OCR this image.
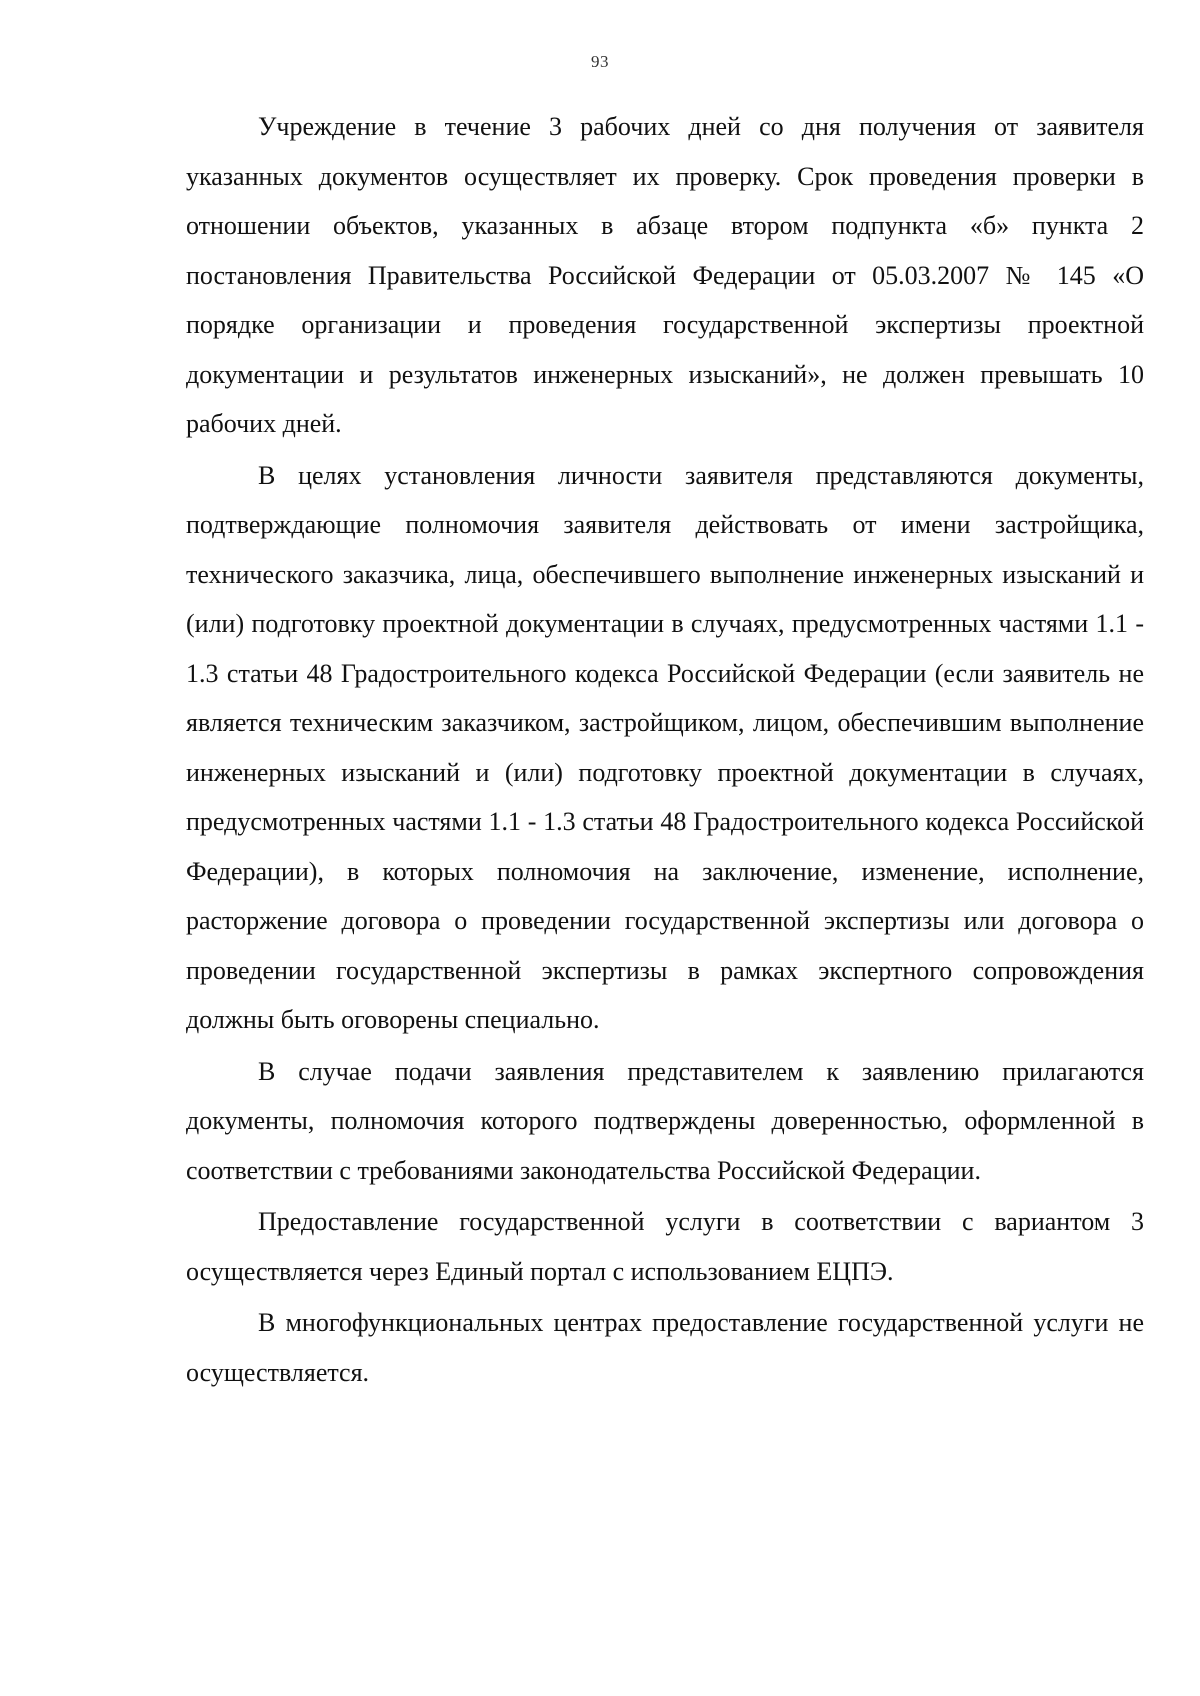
93

Учреждение в течение 3 рабочих дней со дня получения от заявителя указанных документов осуществляет их проверку. Срок проведения проверки в отношении объектов, указанных в абзаце втором подпункта «б» пункта 2 постановления Правительства Российской Федерации от 05.03.2007 № 145 «О порядке организации и проведения государственной экспертизы проектной документации и результатов инженерных изысканий», не должен превышать 10 рабочих дней.

В целях установления личности заявителя представляются документы, подтверждающие полномочия заявителя действовать от имени застройщика, технического заказчика, лица, обеспечившего выполнение инженерных изысканий и (или) подготовку проектной документации в случаях, предусмотренных частями 1.1 - 1.3 статьи 48 Градостроительного кодекса Российской Федерации (если заявитель не является техническим заказчиком, застройщиком, лицом, обеспечившим выполнение инженерных изысканий и (или) подготовку проектной документации в случаях, предусмотренных частями 1.1 - 1.3 статьи 48 Градостроительного кодекса Российской Федерации), в которых полномочия на заключение, изменение, исполнение, расторжение договора о проведении государственной экспертизы или договора о проведении государственной экспертизы в рамках экспертного сопровождения должны быть оговорены специально.

В случае подачи заявления представителем к заявлению прилагаются документы, полномочия которого подтверждены доверенностью, оформленной в соответствии с требованиями законодательства Российской Федерации.

Предоставление государственной услуги в соответствии с вариантом 3 осуществляется через Единый портал с использованием ЕЦПЭ.

В многофункциональных центрах предоставление государственной услуги не осуществляется.
